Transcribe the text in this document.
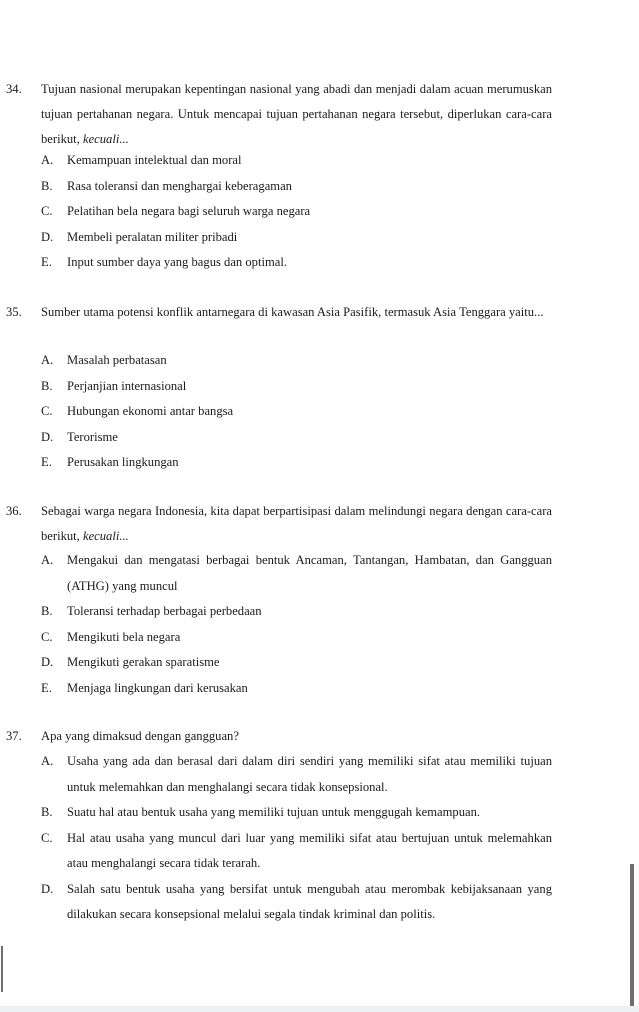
34. Tujuan nasional merupakan kepentingan nasional yang abadi dan menjadi dalam acuan merumuskan tujuan pertahanan negara. Untuk mencapai tujuan pertahanan negara tersebut, diperlukan cara-cara berikut, kecuali...
A. Kemampuan intelektual dan moral
B. Rasa toleransi dan menghargai keberagaman
C. Pelatihan bela negara bagi seluruh warga negara
D. Membeli peralatan militer pribadi
E. Input sumber daya yang bagus dan optimal.
35. Sumber utama potensi konflik antarnegara di kawasan Asia Pasifik, termasuk Asia Tenggara yaitu...
A. Masalah perbatasan
B. Perjanjian internasional
C. Hubungan ekonomi antar bangsa
D. Terorisme
E. Perusakan lingkungan
36. Sebagai warga negara Indonesia, kita dapat berpartisipasi dalam melindungi negara dengan cara-cara berikut, kecuali...
A. Mengakui dan mengatasi berbagai bentuk Ancaman, Tantangan, Hambatan, dan Gangguan (ATHG) yang muncul
B. Toleransi terhadap berbagai perbedaan
C. Mengikuti bela negara
D. Mengikuti gerakan sparatisme
E. Menjaga lingkungan dari kerusakan
37. Apa yang dimaksud dengan gangguan?
A. Usaha yang ada dan berasal dari dalam diri sendiri yang memiliki sifat atau memiliki tujuan untuk melemahkan dan menghalangi secara tidak konsepsional.
B. Suatu hal atau bentuk usaha yang memiliki tujuan untuk menggugah kemampuan.
C. Hal atau usaha yang muncul dari luar yang memiliki sifat atau bertujuan untuk melemahkan atau menghalangi secara tidak terarah.
D. Salah satu bentuk usaha yang bersifat untuk mengubah atau merombak kebijaksanaan yang dilakukan secara konsepsional melalui segala tindak kriminal dan politis.
